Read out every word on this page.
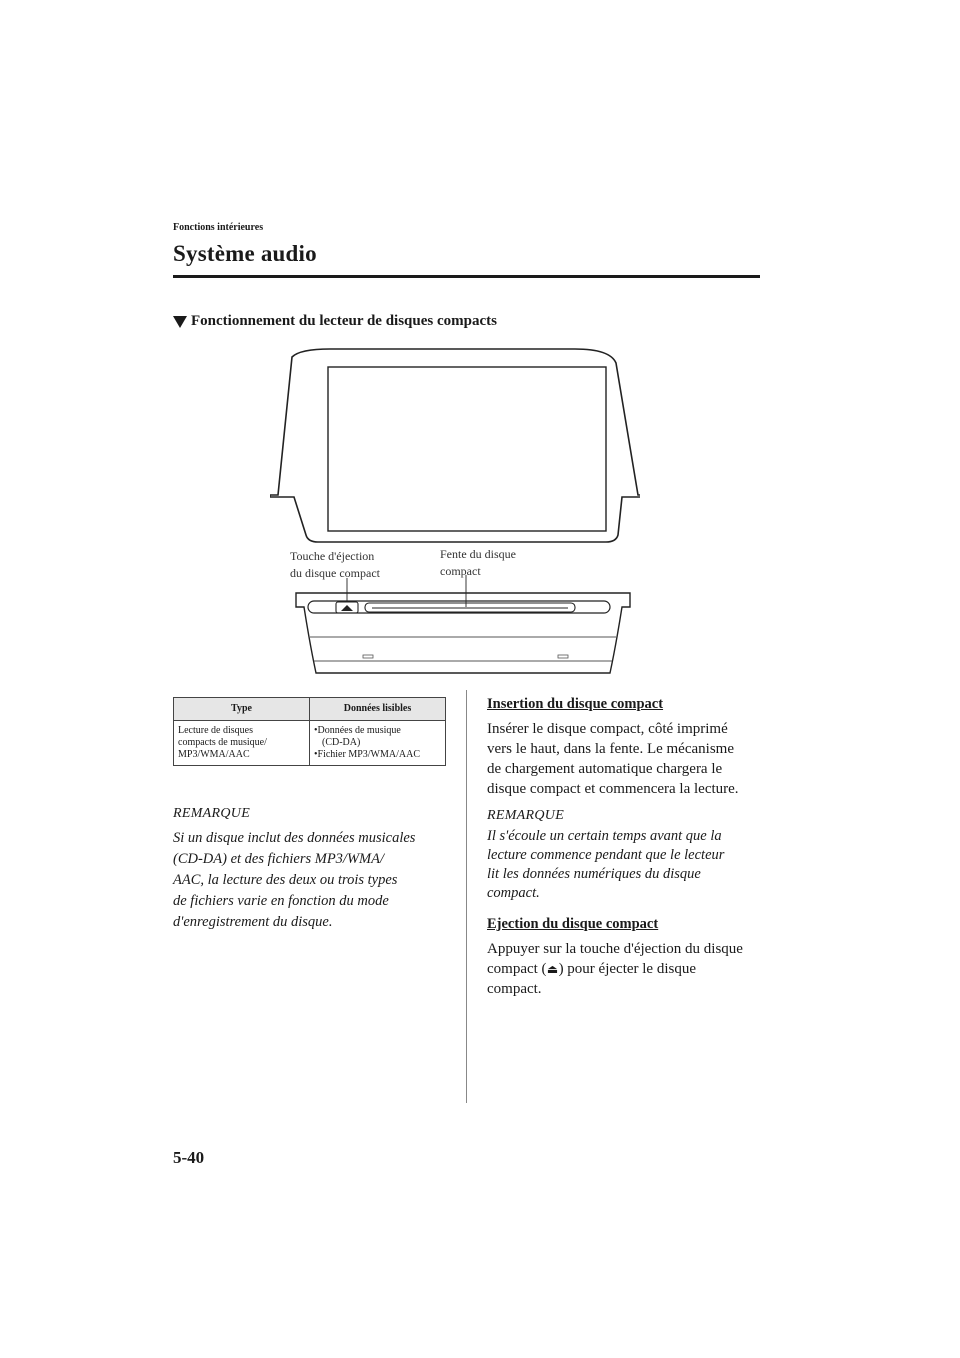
Fonctions intérieures
Système audio
Fonctionnement du lecteur de disques compacts
Touche d'éjection
du disque compact
Fente du disque
compact
Type	Données lisibles

Lecture de disques
compacts de musique/
MP3/WMA/AAC	•Données de musique
(CD-DA)
•Fichier MP3/WMA/AAC
REMARQUE
Si un disque inclut des données musicales
(CD-DA) et des fichiers MP3/WMA/
AAC, la lecture des deux ou trois types
de fichiers varie en fonction du mode
d'enregistrement du disque.
Insertion du disque compact
Insérer le disque compact, côté imprimé
vers le haut, dans la fente. Le mécanisme
de chargement automatique chargera le
disque compact et commencera la lecture.
REMARQUE
Il s'écoule un certain temps avant que la
lecture commence pendant que le lecteur
lit les données numériques du disque
compact.
Ejection du disque compact
Appuyer sur la touche d'éjection du disque
compact (⏏) pour éjecter le disque
compact.
5-40
